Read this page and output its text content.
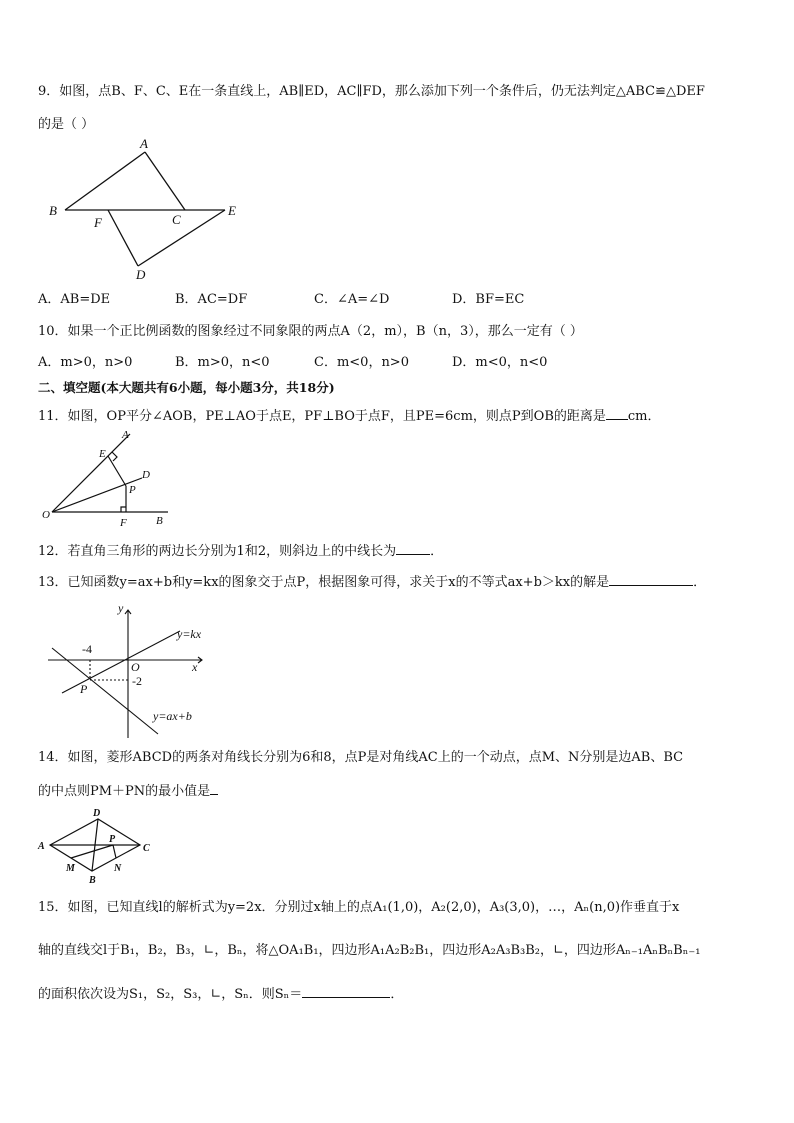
9．如图，点B、F、C、E在一条直线上，AB∥ED，AC∥FD，那么添加下列一个条件后，仍无法判定△ABC≌△DEF
的是（ ）
A
B
C
D
E
F
A．AB=DE	B．AC=DF	C．∠A=∠D	D．BF=EC
10．如果一个正比例函数的图象经过不同象限的两点A（2，m），B（n，3），那么一定有（ ）
A．m>0，n>0	B．m>0，n<0	C．m<0，n>0	D．m<0，n<0
二、填空题(本大题共有6小题，每小题3分，共18分)
11．如图，OP平分∠AOB，PE⊥AO于点E，PF⊥BO于点F，且PE=6cm，则点P到OB的距离是 cm．
A
E
D
P
O
F	B
12．若直角三角形的两边长分别为1和2，则斜边上的中线长为	．
13．已知函数y=ax+b和y=kx的图象交于点P，根据图象可得，求关于x的不等式ax+b＞kx的解是	．
y
x
O
-4
-2
P
y=kx
y=ax+b
14．如图，菱形ABCD的两条对角线长分别为6和8，点P是对角线AC上的一个动点，点M、N分别是边AB、BC
的中点则PM＋PN的最小值是
A
D
C
B
P
M	N
15．如图，已知直线l的解析式为y=2x．分别过x轴上的点A₁(1,0)，A₂(2,0)，A₃(3,0)，…，Aₙ(n,0)作垂直于x
轴的直线交l于B₁，B₂，B₃，∟，Bₙ，将△OA₁B₁，四边形A₁A₂B₂B₁，四边形A₂A₃B₃B₂，∟，四边形Aₙ₋₁AₙBₙBₙ₋₁
的面积依次设为S₁，S₂，S₃，∟，Sₙ．则Sₙ＝	．
